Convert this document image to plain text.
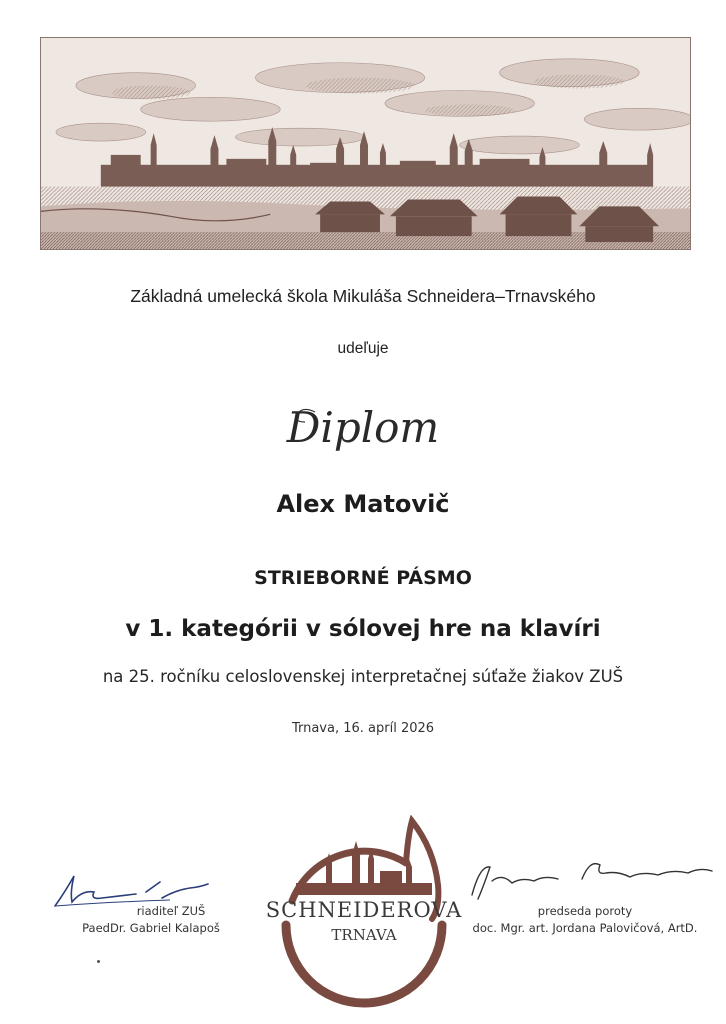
Základná umelecká škola Mikuláša Schneidera–Trnavského

udeľuje

Diplom

Alex Matovič

STRIEBORNÉ PÁSMO

v 1. kategórii v sólovej hre na klavíri

na 25. ročníku celoslovenskej interpretačnej súťaže žiakov ZUŠ

Trnava, 16. apríl 2026

riaditeľ ZUŠ
PaedDr. Gabriel Kalapoš
predseda poroty
doc. Mgr. art. Jordana Palovičová, ArtD.
SCHNEIDEROVA
TRNAVA
